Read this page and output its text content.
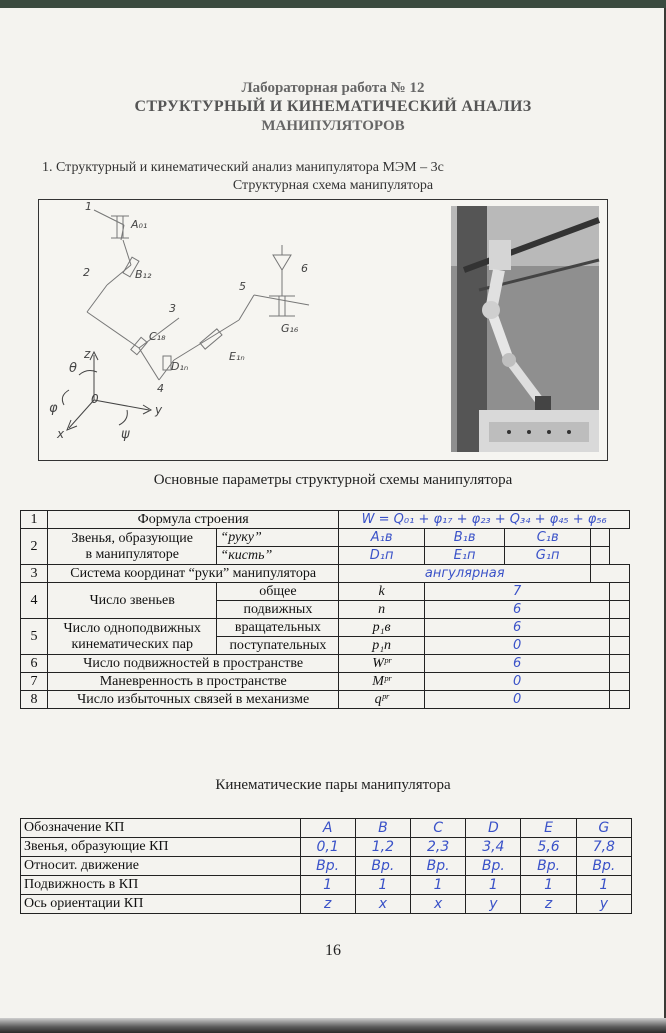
Лабораторная работа № 12
СТРУКТУРНЫЙ И КИНЕМАТИЧЕСКИЙ АНАЛИЗ
МАНИПУЛЯТОРОВ
1. Структурный и кинематический анализ манипулятора МЭМ – 3с
Структурная схема манипулятора
A₀₁
B₁₂
C₁₈
D₁ₙ
E₁ₙ
G₁₆
1
2
3
4
5
6
θ
z
φ
0
y
x	ψ
Основные параметры структурной схемы манипулятора
1	Формула строения		W = Q₀₁ + φ₁₇ + φ₂₃ + Q₃₄ + φ₄₅ + φ₅₆				
2	Звенья, образующие
в манипуляторе	“руку”	A₁в	B₁в	C₁в		
		“кисть”	D₁п	E₁п	G₁п		
3	Система координат “руки” манипулятора		ангулярная				
4	Число звеньев	общее	k	7			
		подвижных	n	6			
5	Число одноподвижных
кинематических пар	вращательных	p₁в	6			
		поступательных	p₁п	0			
6	Число подвижностей в пространстве		Wᵖʳ	6			
7	Маневренность в пространстве		Mᵖʳ	0			
8	Число избыточных связей в механизме		qᵖʳ	0			
Кинематические пары манипулятора
Обозначение КП	A	B	C	D	E	G
Звенья, образующие КП	0,1	1,2	2,3	3,4	5,6	7,8
Относит. движение	Вр.	Вр.	Вр.	Вр.	Вр.	Вр.
Подвижность в КП	1	1	1	1	1	1
Ось ориентации КП	z	x	x	y	z	y
16
